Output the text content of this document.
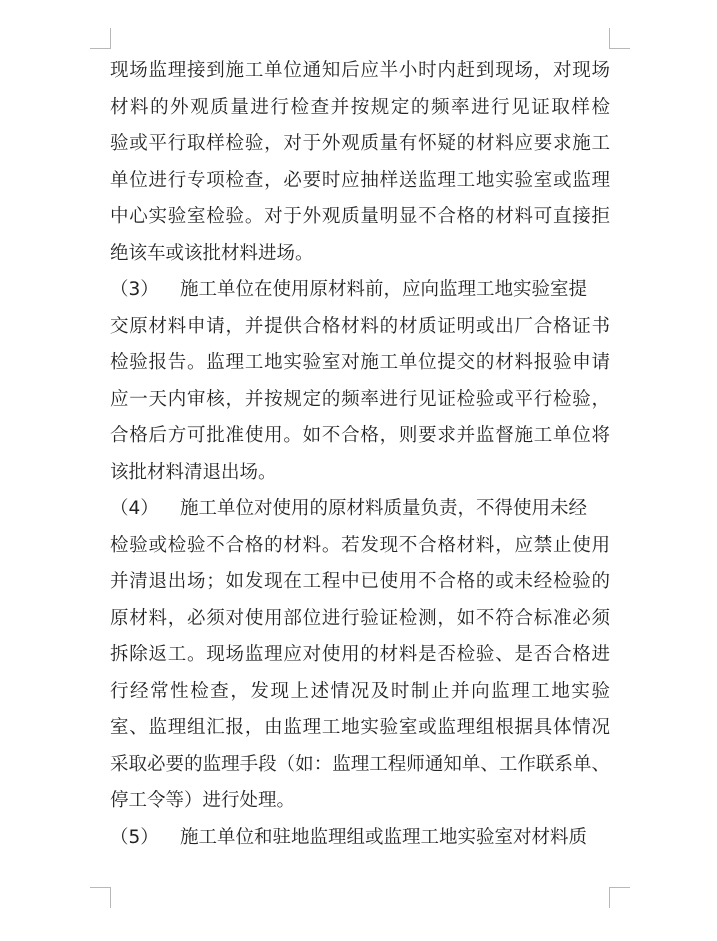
现场监理接到施工单位通知后应半小时内赶到现场，对现场
材料的外观质量进行检查并按规定的频率进行见证取样检
验或平行取样检验，对于外观质量有怀疑的材料应要求施工
单位进行专项检查，必要时应抽样送监理工地实验室或监理
中心实验室检验。对于外观质量明显不合格的材料可直接拒
绝该车或该批材料进场。
（3） 施工单位在使用原材料前，应向监理工地实验室提
交原材料申请，并提供合格材料的材质证明或出厂合格证书
检验报告。监理工地实验室对施工单位提交的材料报验申请
应一天内审核，并按规定的频率进行见证检验或平行检验，
合格后方可批准使用。如不合格，则要求并监督施工单位将
该批材料清退出场。
（4） 施工单位对使用的原材料质量负责，不得使用未经
检验或检验不合格的材料。若发现不合格材料，应禁止使用
并清退出场；如发现在工程中已使用不合格的或未经检验的
原材料，必须对使用部位进行验证检测，如不符合标准必须
拆除返工。现场监理应对使用的材料是否检验、是否合格进
行经常性检查，发现上述情况及时制止并向监理工地实验
室、监理组汇报，由监理工地实验室或监理组根据具体情况
采取必要的监理手段（如：监理工程师通知单、工作联系单、
停工令等）进行处理。
（5） 施工单位和驻地监理组或监理工地实验室对材料质
